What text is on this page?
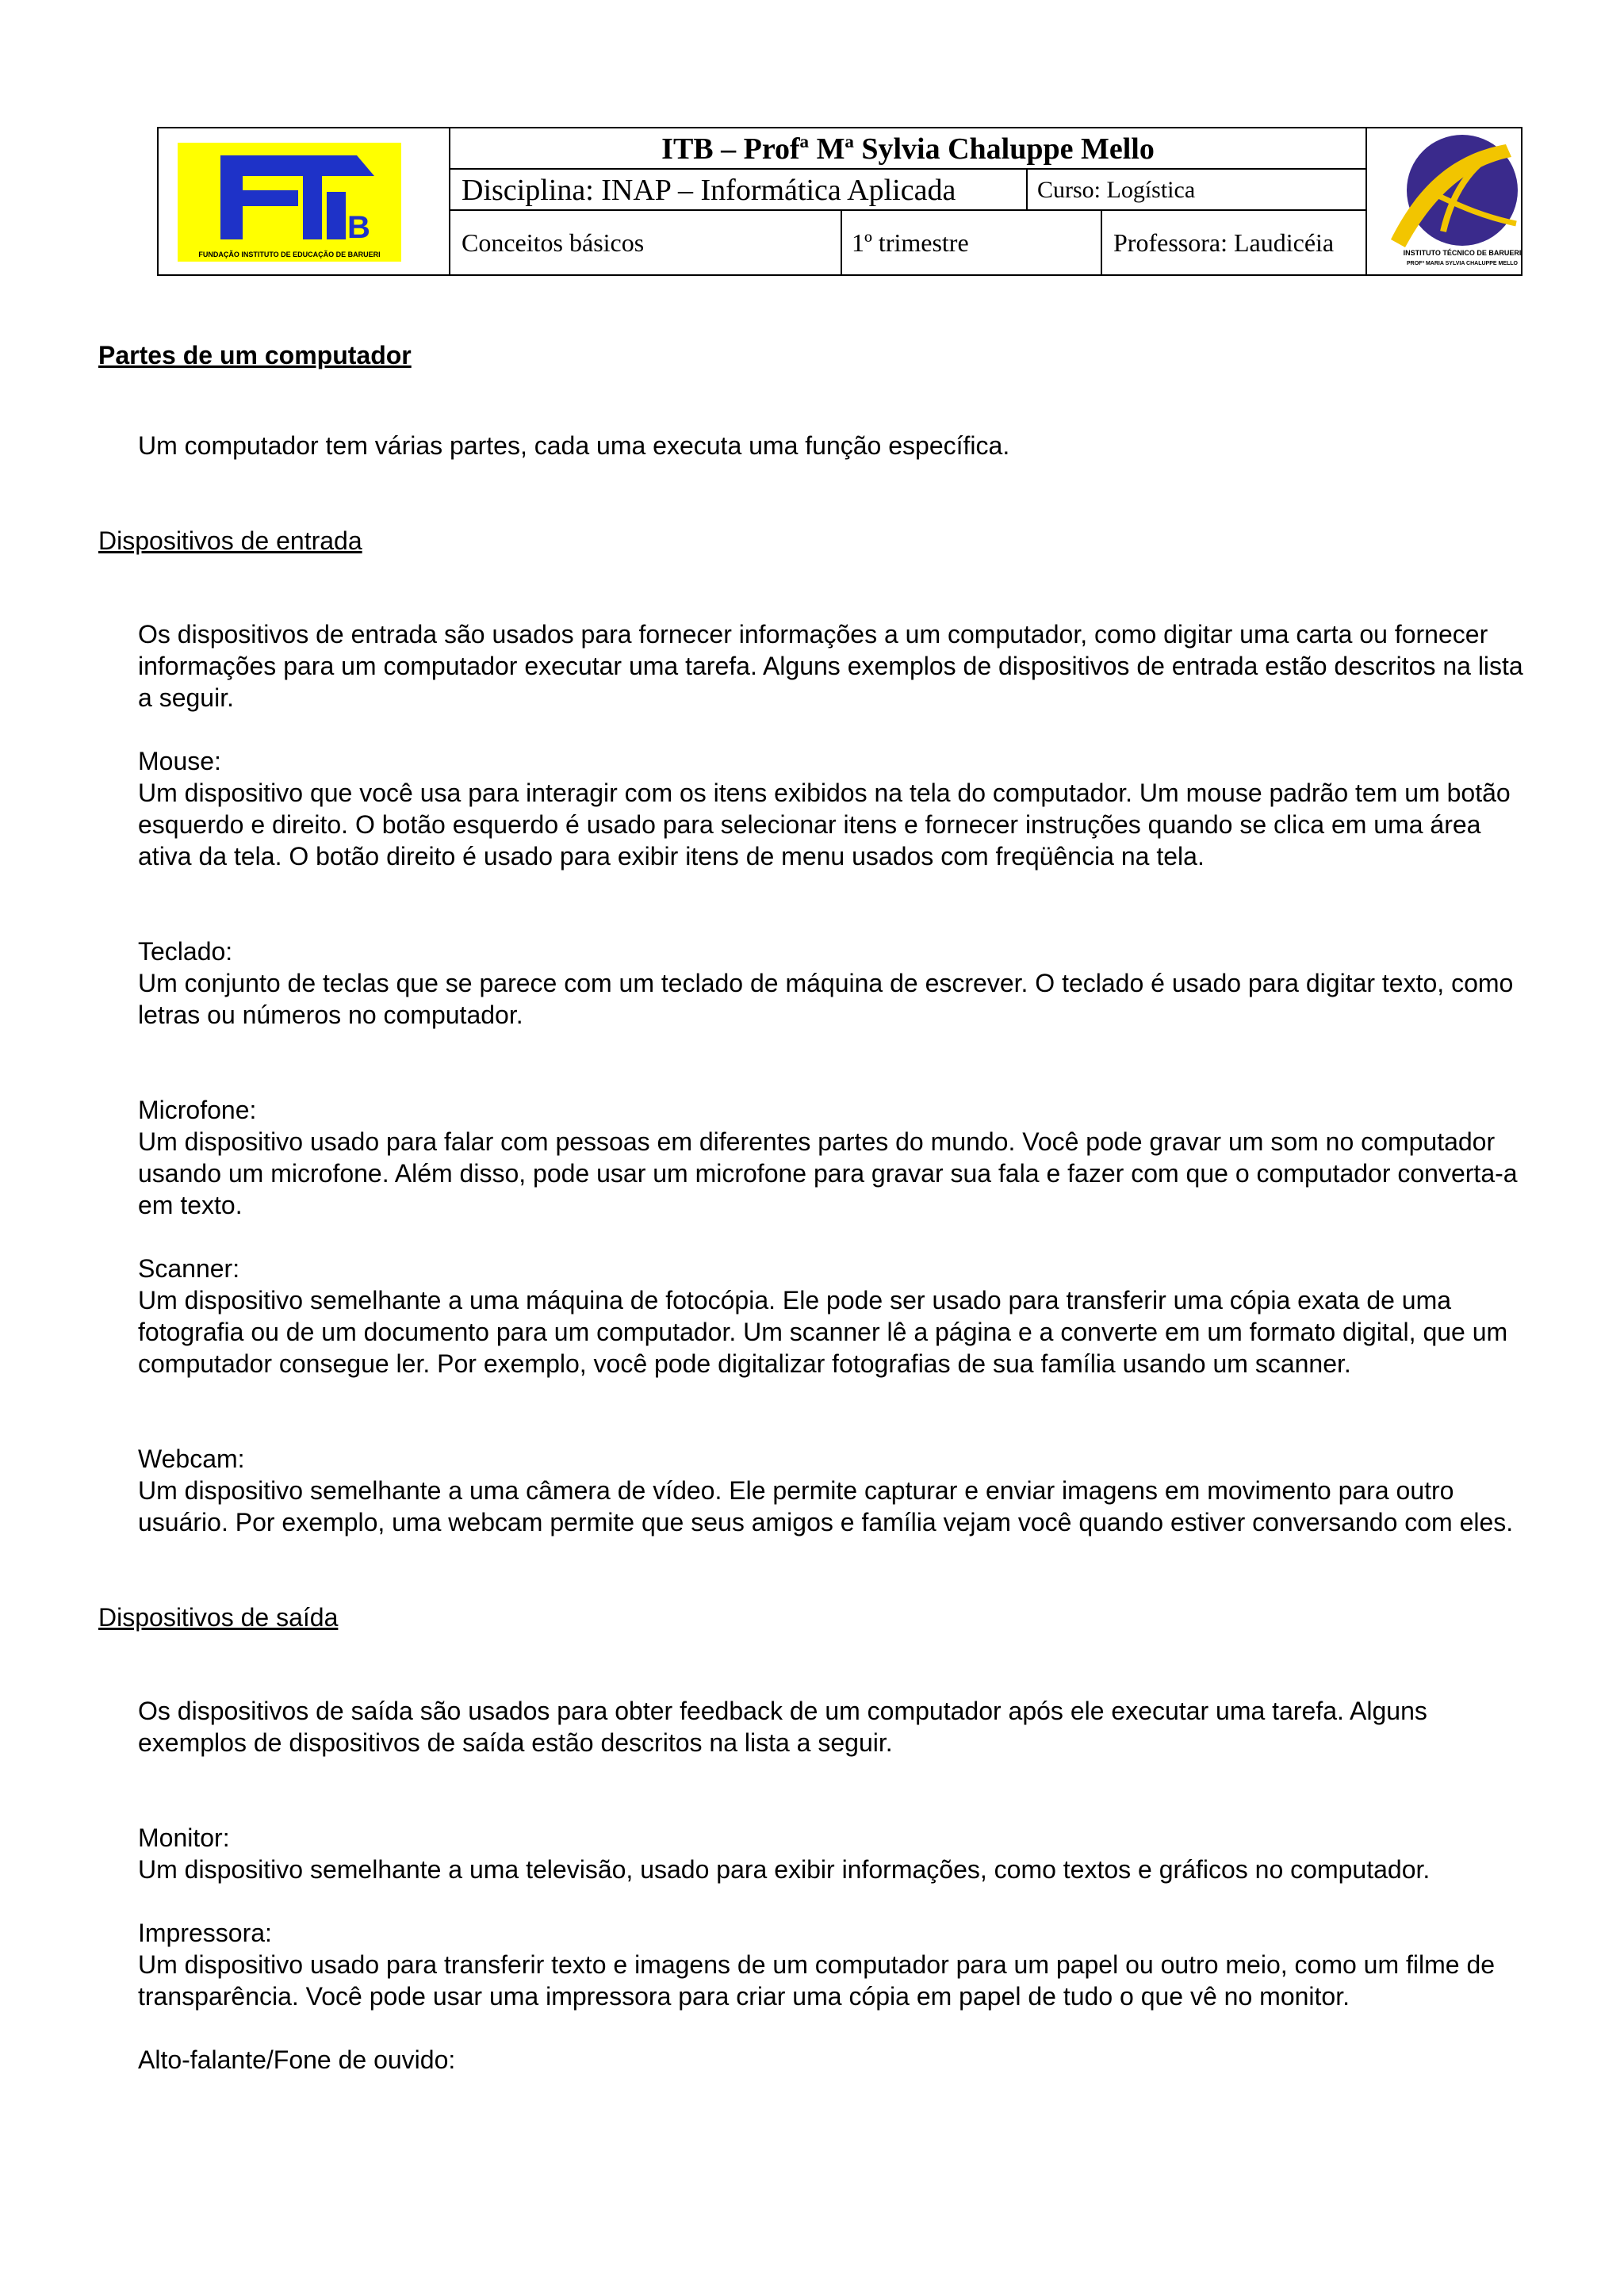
B
FUNDAÇÃO INSTITUTO DE EDUCAÇÃO DE BARUERI
ITB – Profª Mª Sylvia Chaluppe Mello
Disciplina: INAP – Informática Aplicada	Curso: Logística
Conceitos básicos	1º trimestre	Professora: Laudicéia	INSTITUTO TÉCNICO DE BARUERI
PROFª MARIA SYLVIA CHALUPPE MELLO

Partes de um computador

Um computador tem várias partes, cada uma executa uma função específica.

Dispositivos de entrada

Os dispositivos de entrada são usados para fornecer informações a um computador, como digitar uma carta ou fornecer informações para um computador executar uma tarefa. Alguns exemplos de dispositivos de entrada estão descritos na lista a seguir.

Mouse:

Um dispositivo que você usa para interagir com os itens exibidos na tela do computador. Um mouse padrão tem um botão esquerdo e direito. O botão esquerdo é usado para selecionar itens e fornecer instruções quando se clica em uma área ativa da tela. O botão direito é usado para exibir itens de menu usados com freqüência na tela.

Teclado:

Um conjunto de teclas que se parece com um teclado de máquina de escrever. O teclado é usado para digitar texto, como letras ou números no computador.

Microfone:

Um dispositivo usado para falar com pessoas em diferentes partes do mundo. Você pode gravar um som no computador usando um microfone. Além disso, pode usar um microfone para gravar sua fala e fazer com que o computador converta-a em texto.

Scanner:

Um dispositivo semelhante a uma máquina de fotocópia. Ele pode ser usado para transferir uma cópia exata de uma fotografia ou de um documento para um computador. Um scanner lê a página e a converte em um formato digital, que um computador consegue ler. Por exemplo, você pode digitalizar fotografias de sua família usando um scanner.

Webcam:

Um dispositivo semelhante a uma câmera de vídeo. Ele permite capturar e enviar imagens em movimento para outro usuário. Por exemplo, uma webcam permite que seus amigos e família vejam você quando estiver conversando com eles.

Dispositivos de saída

Os dispositivos de saída são usados para obter feedback de um computador após ele executar uma tarefa. Alguns exemplos de dispositivos de saída estão descritos na lista a seguir.

Monitor:

Um dispositivo semelhante a uma televisão, usado para exibir informações, como textos e gráficos no computador.

Impressora:

Um dispositivo usado para transferir texto e imagens de um computador para um papel ou outro meio, como um filme de transparência. Você pode usar uma impressora para criar uma cópia em papel de tudo o que vê no monitor.

Alto-falante/Fone de ouvido:
